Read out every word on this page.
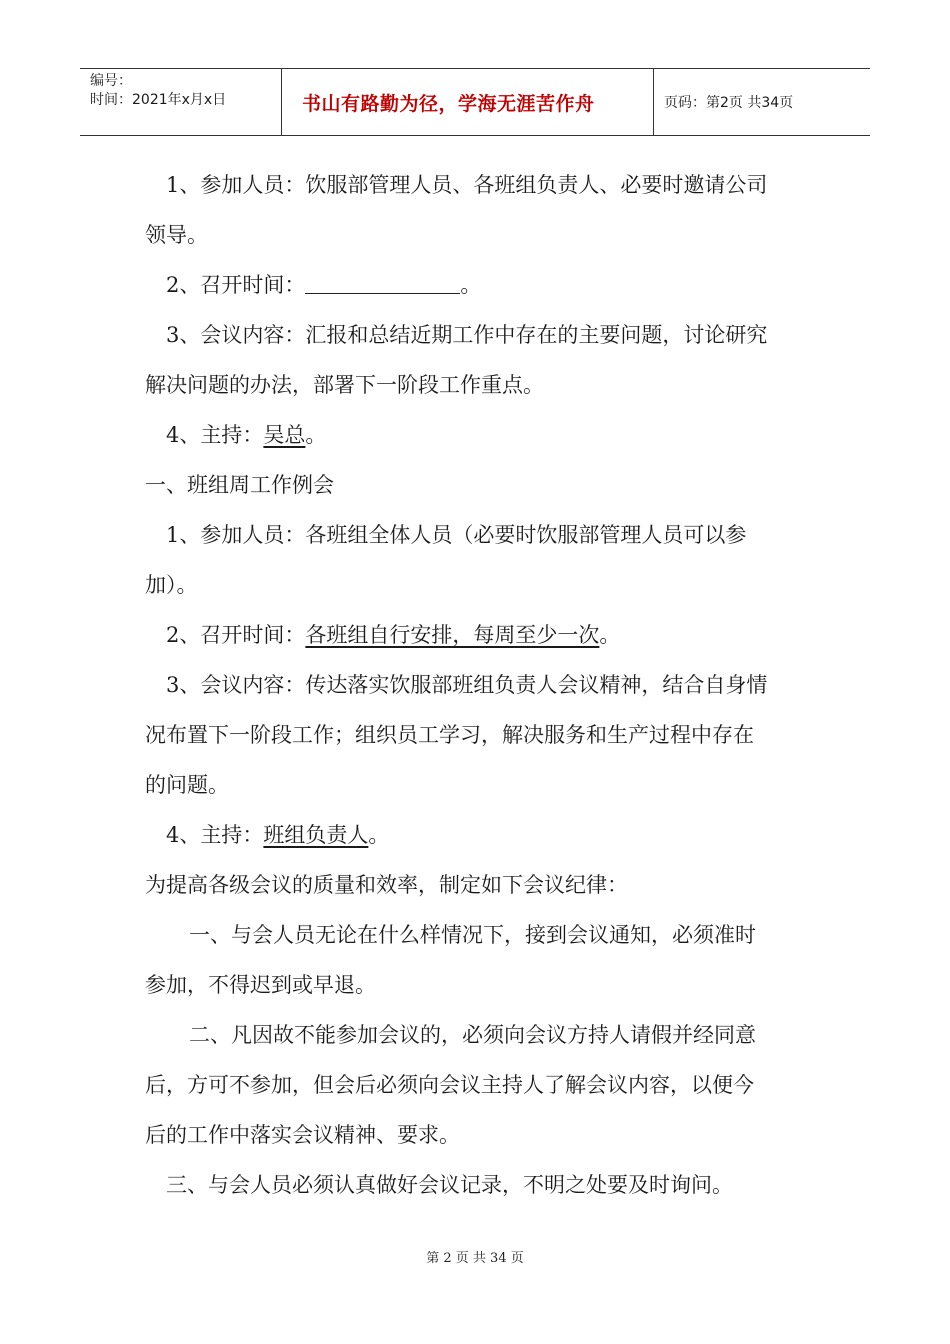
编号：
时间：2021年x月x日	书山有路勤为径，学海无涯苦作舟	页码：第2页 共34页

1、参加人员：饮服部管理人员、各班组负责人、必要时邀请公司

领导。

2、召开时间：	。

3、会议内容：汇报和总结近期工作中存在的主要问题，讨论研究

解决问题的办法，部署下一阶段工作重点。

4、主持：吴总。

一、班组周工作例会

1、参加人员：各班组全体人员（必要时饮服部管理人员可以参

加）。

2、召开时间：各班组自行安排，每周至少一次。

3、会议内容：传达落实饮服部班组负责人会议精神，结合自身情

况布置下一阶段工作；组织员工学习，解决服务和生产过程中存在

的问题。

4、主持：班组负责人。

为提高各级会议的质量和效率，制定如下会议纪律：

一、与会人员无论在什么样情况下，接到会议通知，必须准时

参加，不得迟到或早退。

二、凡因故不能参加会议的，必须向会议方持人请假并经同意

后，方可不参加，但会后必须向会议主持人了解会议内容，以便今

后的工作中落实会议精神、要求。

三、与会人员必须认真做好会议记录，不明之处要及时询问。

第 2 页 共 34 页
